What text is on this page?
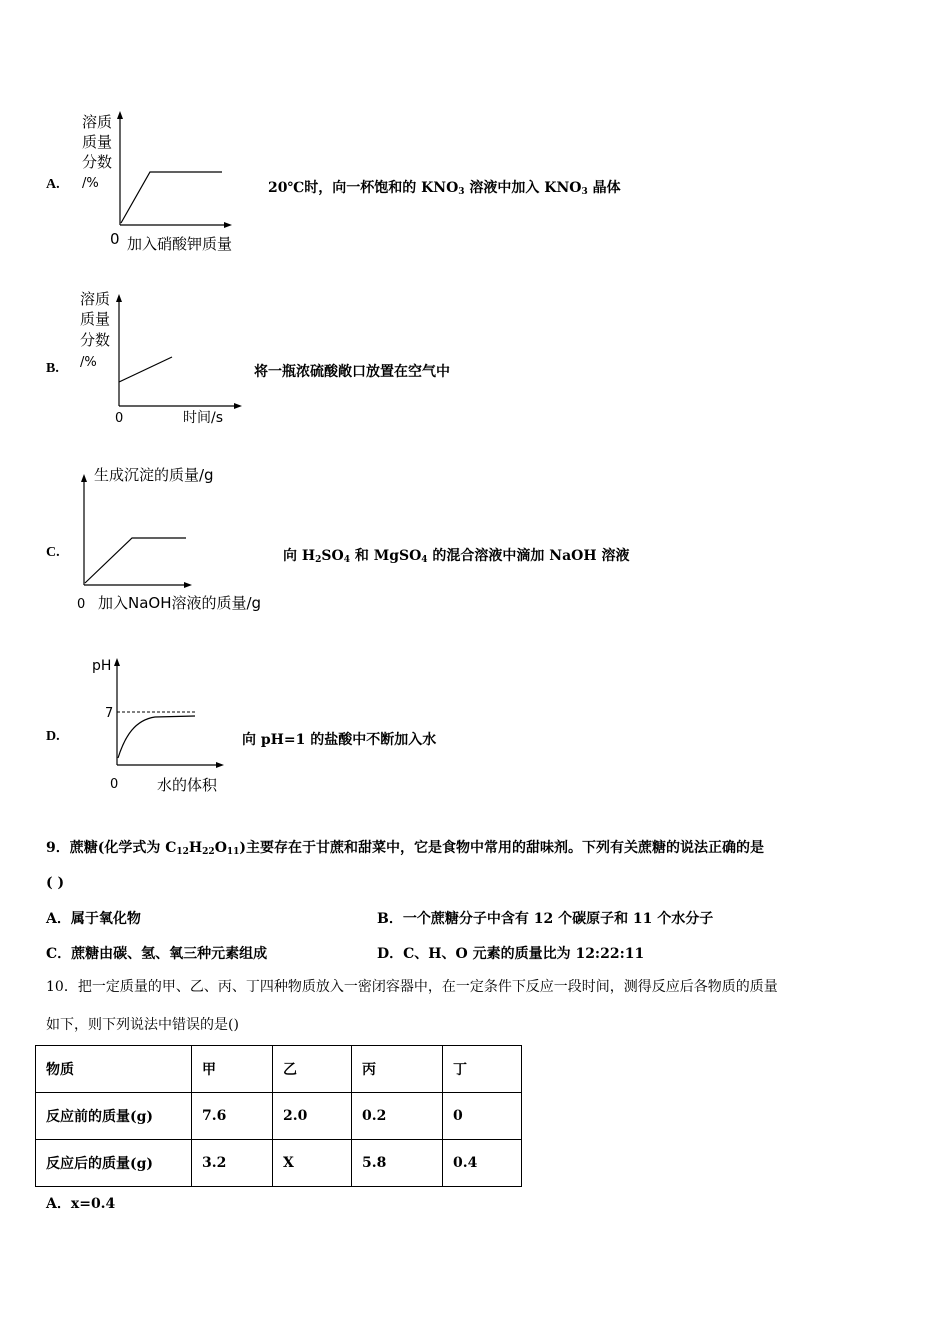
A.
溶质
质量
分数
/%
0 加入硝酸钾质量
20℃时，向一杯饱和的 $KNO_3$ 溶液中加入 $KNO_3$ 晶体
B.
溶质
质量
分数
/%
0	时间/s
将一瓶浓硫酸敞口放置在空气中
C.
生成沉淀的质量/g
0 加入NaOH溶液的质量/g
向 $H_2SO_4$ 和 MgSO$_4$ 的混合溶液中滴加 NaOH 溶液
D.
pH
7
0	水的体积
向 pH=1 的盐酸中不断加入水
9．蔗糖(化学式为 $C_{12}H_{22}O_{11}$)主要存在于甘蔗和甜菜中，它是食物中常用的甜味剂。下列有关蔗糖的说法正确的是
( )
A．属于氧化物	B．一个蔗糖分子中含有 12 个碳原子和 11 个水分子
C．蔗糖由碳、氢、氧三种元素组成	D．C、H、O 元素的质量比为 12:22:11
10．把一定质量的甲、乙、丙、丁四种物质放入一密闭容器中，在一定条件下反应一段时间，测得反应后各物质的质量
如下，则下列说法中错误的是()
物质	甲	乙	丙	丁
反应前的质量(g)	7.6	2.0	0.2	0
反应后的质量(g)	3.2	X	5.8	0.4
A．x=0.4
